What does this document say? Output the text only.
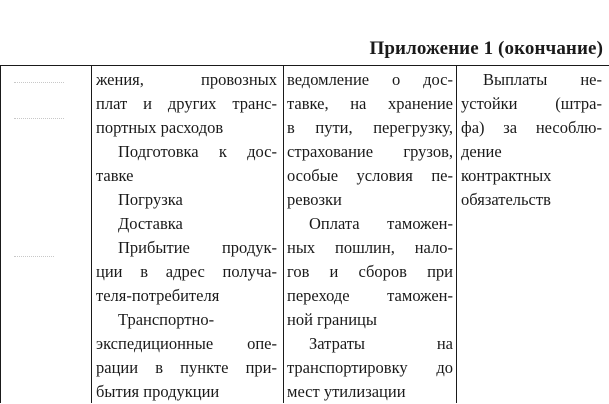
Приложение 1 (окончание)
жения, провозных
плат и других транс-
портных расходов
Подготовка к дос-
тавке
Погрузка
Доставка
Прибытие продук-
ции в адрес получа-
теля-потребителя
Транспортно-
экспедиционные опе-
рации в пункте при-
бытия продукции
ведомление о дос-
тавке, на хранение
в пути, перегрузку,
страхование грузов,
особые условия пе-
ревозки
Оплата таможен-
ных пошлин, нало-
гов и сборов при
переходе таможен-
ной границы
Затраты на
транспортировку до
мест утилизации
Выплаты не-
устойки (штра-
фа) за несоблю-
дение
контрактных
обязательств
